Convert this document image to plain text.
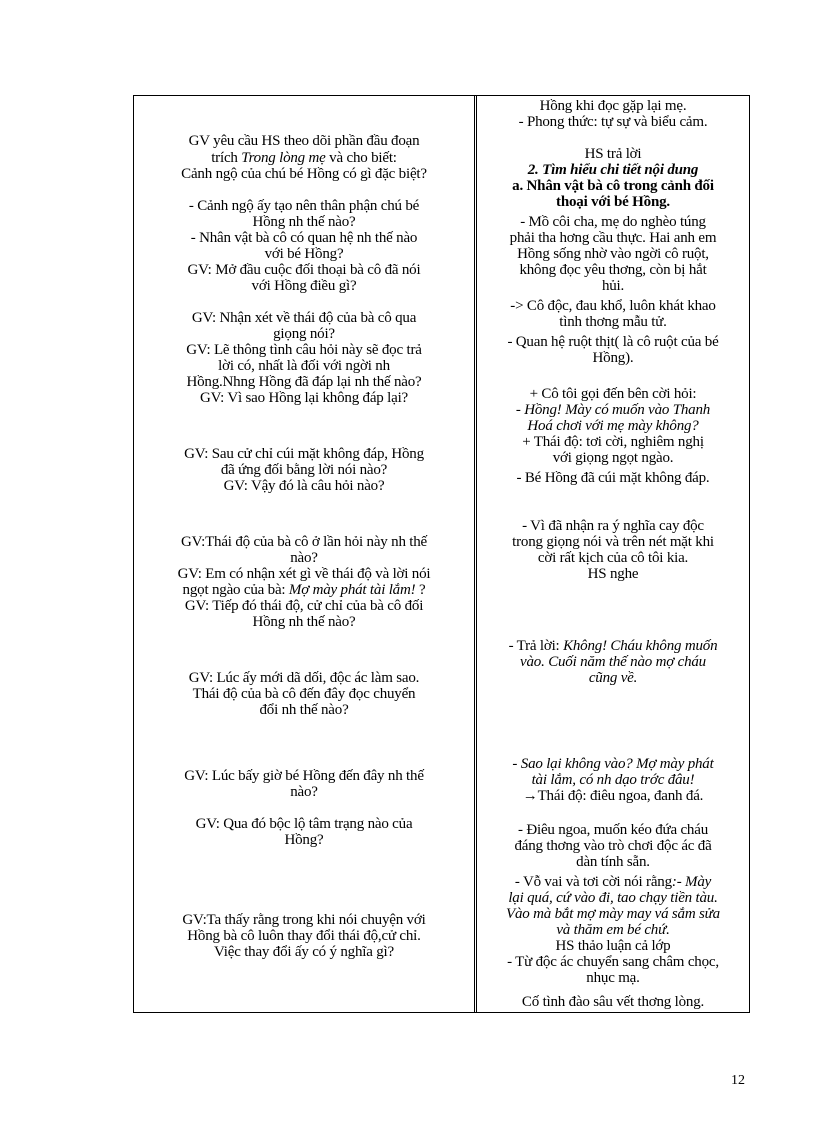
GV yêu cầu HS theo dõi phần đầu đoạn
trích Trong lòng mẹ và cho biết:
Cảnh ngộ của chú bé Hồng có gì đặc biệt?
- Cảnh ngộ ấy tạo nên thân phận chú bé
Hồng nh thế nào?
- Nhân vật bà cô có quan hệ nh thế nào
với bé Hồng?
GV: Mở đầu cuộc đối thoại bà cô đã nói
với Hồng điều gì?
GV: Nhận xét về thái độ của bà cô qua
giọng nói?
GV: Lẽ thông tình câu hỏi này sẽ đọc trả
lời có, nhất là đối với ngời nh
Hồng.Nhng Hồng đã đáp lại nh thế nào?
GV: Vì sao Hồng lại không đáp lại?
GV: Sau cử chỉ cúi mặt không đáp, Hồng
đã ứng đối bằng lời nói nào?
GV: Vậy đó là câu hỏi nào?
GV:Thái độ của bà cô ở lần hỏi này nh thế
nào?
GV: Em có nhận xét gì về thái độ và lời nói
ngọt ngào của bà: Mợ mày phát tài lắm! ?
GV: Tiếp đó thái độ, cử chỉ của bà cô đối
Hồng nh thế nào?
GV: Lúc ấy mới dã dối, độc ác làm sao.
Thái độ của bà cô đến đây đọc chuyển
đổi nh thế nào?
GV: Lúc bấy giờ bé Hồng đến đây nh thế
nào?
GV: Qua đó bộc lộ tâm trạng nào của
Hồng?
GV:Ta thấy rằng trong khi nói chuyện với
Hồng bà cô luôn thay đổi thái độ,cử chỉ.
Việc thay đổi ấy có ý nghĩa gì?
Hồng khi đọc gặp lại mẹ.
- Phong thức: tự sự và biểu cảm.
HS trả lời
2. Tìm hiểu chi tiết nội dung
a. Nhân vật bà cô trong cảnh đối
thoại với bé Hồng.
- Mồ côi cha, mẹ do nghèo túng
phải tha hơng cầu thực. Hai anh em
Hồng sống nhờ vào ngời cô ruột,
không đọc yêu thơng, còn bị hắt
hủi.
-> Cô độc, đau khổ, luôn khát khao
tình thơng mẫu tử.
- Quan hệ ruột thịt( là cô ruột của bé
Hồng).
+ Cô tôi gọi đến bên cời hỏi:
- Hồng! Mày có muốn vào Thanh
Hoá chơi với mẹ mày không?
+ Thái độ: tơi cời, nghiêm nghị
với giọng ngọt ngào.
- Bé Hồng đã cúi mặt không đáp.
- Vì đã nhận ra ý nghĩa cay độc
trong giọng nói và trên nét mặt khi
cời rất kịch của cô tôi kia.
HS nghe
- Trả lời: Không! Cháu không muốn
vào. Cuối năm thế nào mợ cháu
cũng về.
- Sao lại không vào? Mợ mày phát
tài lắm, có nh dạo trớc đâu!
→Thái độ: điêu ngoa, đanh đá.
- Điêu ngoa, muốn kéo đứa cháu
đáng thơng vào trò chơi độc ác đã
dàn tính sẵn.
- Vỗ vai và tơi cời nói rằng:- Mày
lại quá, cứ vào đi, tao chạy tiền tàu.
Vào mà bắt mợ mày may vá sắm sửa
và thăm em bé chứ.
HS thảo luận cả lớp
- Từ độc ác chuyển sang châm chọc,
nhục mạ.
Cố tình đào sâu vết thơng lòng.
12
